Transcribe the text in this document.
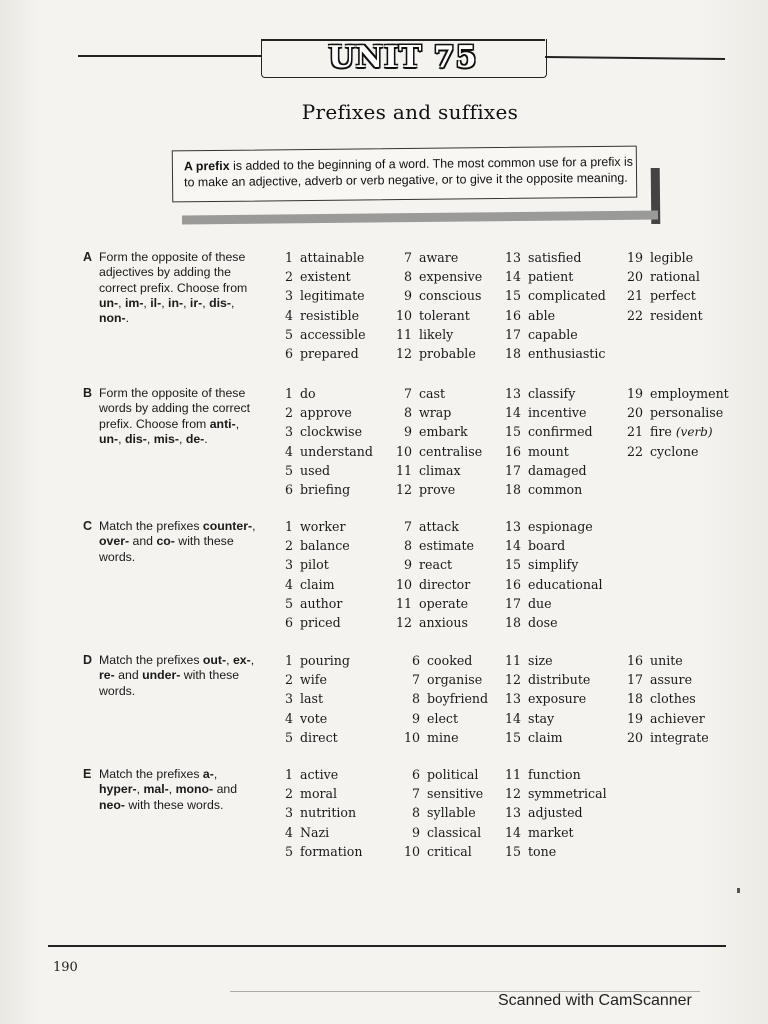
UNIT 75
Prefixes and suffixes
A prefix is added to the beginning of a word. The most common use for a prefix is to make an adjective, adverb or verb negative, or to give it the opposite meaning.
A Form the opposite of these adjectives by adding the correct prefix. Choose from un-, im-, il-, in-, ir-, dis-, non-.
1 attainable
2 existent
3 legitimate
4 resistible
5 accessible
6 prepared
7 aware
8 expensive
9 conscious
10 tolerant
11 likely
12 probable
13 satisfied
14 patient
15 complicated
16 able
17 capable
18 enthusiastic
19 legible
20 rational
21 perfect
22 resident
B Form the opposite of these words by adding the correct prefix. Choose from anti-, un-, dis-, mis-, de-.
1 do
2 approve
3 clockwise
4 understand
5 used
6 briefing
7 cast
8 wrap
9 embark
10 centralise
11 climax
12 prove
13 classify
14 incentive
15 confirmed
16 mount
17 damaged
18 common
19 employment
20 personalise
21 fire (verb)
22 cyclone
C Match the prefixes counter-, over- and co- with these words.
1 worker
2 balance
3 pilot
4 claim
5 author
6 priced
7 attack
8 estimate
9 react
10 director
11 operate
12 anxious
13 espionage
14 board
15 simplify
16 educational
17 due
18 dose
D Match the prefixes out-, ex-, re- and under- with these words.
1 pouring
2 wife
3 last
4 vote
5 direct
6 cooked
7 organise
8 boyfriend
9 elect
10 mine
11 size
12 distribute
13 exposure
14 stay
15 claim
16 unite
17 assure
18 clothes
19 achiever
20 integrate
E Match the prefixes a-, hyper-, mal-, mono- and neo- with these words.
1 active
2 moral
3 nutrition
4 Nazi
5 formation
6 political
7 sensitive
8 syllable
9 classical
10 critical
11 function
12 symmetrical
13 adjusted
14 market
15 tone
190
Scanned with CamScanner
